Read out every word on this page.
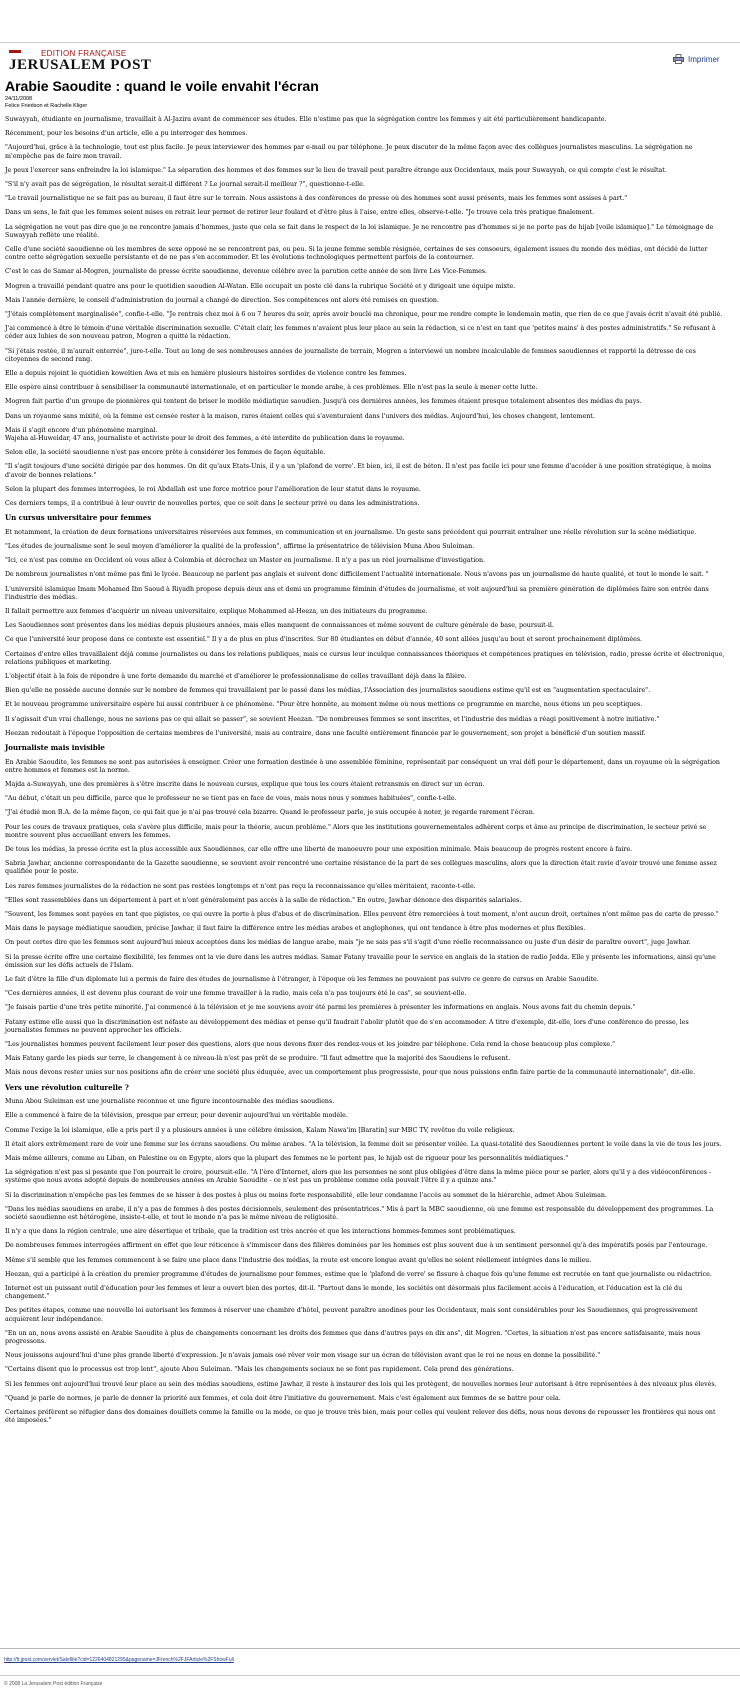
EDITION FRANÇAISE
JERUSALEM POST	Imprimer
Arabie Saoudite : quand le voile envahit l'écran
24/11/2008
Felice Friedson et Rachelle Kliger

Suwayyah, étudiante en journalisme, travaillait à Al-Jazira avant de commencer ses études. Elle n'estime pas que la ségrégation contre les femmes y ait été particulièrement handicapante.

Récemment, pour les besoins d'un article, elle a pu interroger des hommes.

"Aujourd'hui, grâce à la technologie, tout est plus facile. Je peux interviewer des hommes par e-mail ou par téléphone. Je peux discuter de la même façon avec des collègues journalistes masculins. La ségrégation ne m'empêche pas de faire mon travail.

Je peux l'exercer sans enfreindre la loi islamique." La séparation des hommes et des femmes sur le lieu de travail peut paraître étrange aux Occidentaux, mais pour Suwayyah, ce qui compte c'est le résultat.

"S'il n'y avait pas de ségrégation, le résultat serait-il différent ? Le journal serait-il meilleur ?", questionne-t-elle.

"Le travail journalistique ne se fait pas au bureau, il faut être sur le terrain. Nous assistons à des conférences de presse où des hommes sont aussi présents, mais les femmes sont assises à part."

Dans un sens, le fait que les femmes soient mises en retrait leur permet de retirer leur foulard et d'être plus à l'aise, entre elles, observe-t-elle. "Je trouve cela très pratique finalement.

La ségrégation ne veut pas dire que je ne rencontre jamais d'hommes, juste que cela se fait dans le respect de la loi islamique. Je ne rencontre pas d'hommes si je ne porte pas de hijab [voile islamique]." Le témoignage de Suwayyah reflète une réalité.

Celle d'une société saoudienne où les membres de sexe opposé ne se rencontrent pas, ou peu. Si la jeune femme semble résignée, certaines de ses consoeurs, également issues du monde des médias, ont décidé de lutter contre cette ségrégation sexuelle persistante et de ne pas s'en accommoder. Et les évolutions technologiques permettent parfois de la contourner.

C'est le cas de Samar al-Mogren, journaliste de presse écrite saoudienne, devenue célèbre avec la parution cette année de son livre Les Vice-Femmes.

Mogren a travaillé pendant quatre ans pour le quotidien saoudien Al-Watan. Elle occupait un poste clé dans la rubrique Société et y dirigeait une équipe mixte.

Mais l'année dernière, le conseil d'administration du journal a changé de direction. Ses compétences ont alors été remises en question.

"J'étais complètement marginalisée", confie-t-elle. "Je rentrais chez moi à 6 ou 7 heures du soir, après avoir bouclé ma chronique, pour me rendre compte le lendemain matin, que rien de ce que j'avais écrit n'avait été publié.

J'ai commencé à être le témoin d'une véritable discrimination sexuelle. C'était clair, les femmes n'avaient plus leur place au sein la rédaction, si ce n'est en tant que 'petites mains' à des postes administratifs." Se refusant à céder aux lubies de son nouveau patron, Mogren a quitté la rédaction.

"Si j'étais restée, il m'aurait enterrée", jure-t-elle. Tout au long de ses nombreuses années de journaliste de terrain, Mogren a interviewé un nombre incalculable de femmes saoudiennes et rapporté la détresse de ces citoyennes de second rang.

Elle a depuis rejoint le quotidien koweïtien Awa et mis en lumière plusieurs histoires sordides de violence contre les femmes.

Elle espère ainsi contribuer à sensibiliser la communauté internationale, et en particulier le monde arabe, à ces problèmes. Elle n'est pas la seule à mener cette lutte.

Mogren fait partie d'un groupe de pionnières qui tentent de briser le modèle médiatique saoudien. Jusqu'à ces dernières années, les femmes étaient presque totalement absentes des médias du pays.

Dans un royaume sans mixité, où la femme est censée rester à la maison, rares étaient celles qui s'aventuraient dans l'univers des médias. Aujourd'hui, les choses changent, lentement.

Mais il s'agit encore d'un phénomène marginal.
Wajeha al-Huweidar, 47 ans, journaliste et activiste pour le droit des femmes, a été interdite de publication dans le royaume.

Selon elle, la société saoudienne n'est pas encore prête à considérer les femmes de façon équitable.

"Il s'agit toujours d'une société dirigée par des hommes. On dit qu'aux Etats-Unis, il y a un 'plafond de verre'. Et bien, ici, il est de béton. Il n'est pas facile ici pour une femme d'accéder à une position stratégique, à moins d'avoir de bonnes relations."

Selon la plupart des femmes interrogées, le roi Abdallah est une force motrice pour l'amélioration de leur statut dans le royaume.

Ces derniers temps, il a contribué à leur ouvrir de nouvelles portes, que ce soit dans le secteur privé ou dans les administrations.

Un cursus universitaire pour femmes

Et notamment, la création de deux formations universitaires réservées aux femmes, en communication et en journalisme. Un geste sans précédent qui pourrait entraîner une réelle révolution sur la scène médiatique.

"Les études de journalisme sont le seul moyen d'améliorer la qualité de la profession", affirme la présentatrice de télévision Muna Abou Suleiman.

"Ici, ce n'est pas comme en Occident où vous allez à Colombia et décrochez un Master en journalisme. Il n'y a pas un réel journalisme d'investigation.

De nombreux journalistes n'ont même pas fini le lycée. Beaucoup ne parlent pas anglais et suivent donc difficilement l'actualité internationale. Nous n'avons pas un journalisme de haute qualité, et tout le monde le sait. "

L'université islamique Imam Mohamed Ibn Saoud à Riyadh propose depuis deux ans et demi un programme féminin d'études de journalisme, et voit aujourd'hui sa première génération de diplômées faire son entrée dans l'industrie des médias.

Il fallait permettre aux femmes d'acquérir un niveau universitaire, explique Mohammed al-Heeza, un des initiateurs du programme.

Les Saoudiennes sont présentes dans les médias depuis plusieurs années, mais elles manquent de connaissances et même souvent de culture générale de base, poursuit-il.

Ce que l'université leur propose dans ce contexte est essentiel." Il y a de plus en plus d'inscrites. Sur 80 étudiantes en début d'année, 40 sont allées jusqu'au bout et seront prochainement diplômées.

Certaines d'entre elles travaillaient déjà comme journalistes ou dans les relations publiques, mais ce cursus leur inculque connaissances théoriques et compétences pratiques en télévision, radio, presse écrite et électronique, relations publiques et marketing.

L'objectif était à la fois de répondre à une forte demande du marché et d'améliorer le professionnalisme de celles travaillant déjà dans la filière.

Bien qu'elle ne possède aucune donnée sur le nombre de femmes qui travaillaient par le passé dans les médias, l'Association des journalistes saoudiens estime qu'il est en "augmentation spectaculaire".

Et le nouveau programme universitaire espère lui aussi contribuer à ce phénomène. "Pour être honnête, au moment même où nous mettions ce programme en marche, nous étions un peu sceptiques.

Il s'agissait d'un vrai challenge, nous ne savions pas ce qui allait se passer", se souvient Heezan. "De nombreuses femmes se sont inscrites, et l'industrie des médias a réagi positivement à notre initiative."

Heezan redoutait à l'époque l'opposition de certains membres de l'université, mais au contraire, dans une faculté entièrement financée par le gouvernement, son projet a bénéficié d'un soutien massif.

Journaliste mais invisible

En Arabie Saoudite, les femmes ne sont pas autorisées à enseigner. Créer une formation destinée à une assemblée féminine, représentait par conséquent un vrai défi pour le département, dans un royaume où la ségrégation entre hommes et femmes est la norme.

Majda a-Suwayyah, une des premières à s'être inscrite dans le nouveau cursus, explique que tous les cours étaient retransmis en direct sur un écran.

"Au début, c'était un peu difficile, parce que le professeur ne se tient pas en face de vous, mais nous nous y sommes habituées", confie-t-elle.

"J'ai étudié mon B.A. de la même façon, ce qui fait que je n'ai pas trouvé cela bizarre. Quand le professeur parle, je suis occupée à noter, je regarde rarement l'écran.

Pour les cours de travaux pratiques, cela s'avère plus difficile, mais pour la théorie, aucun problème." Alors que les institutions gouvernementales adhèrent corps et âme au principe de discrimination, le secteur privé se montre souvent plus accueillant envers les femmes.

De tous les médias, la presse écrite est la plus accessible aux Saoudiennes, car elle offre une liberté de manoeuvre pour une exposition minimale. Mais beaucoup de progrès restent encore à faire.

Sabria Jawhar, ancienne correspondante de la Gazette saoudienne, se souvient avoir rencontré une certaine résistance de la part de ses collègues masculins, alors que la direction était ravie d'avoir trouvé une femme assez qualifiée pour le poste.

Les rares femmes journalistes de la rédaction ne sont pas restées longtemps et n'ont pas reçu la reconnaissance qu'elles méritaient, raconte-t-elle.

"Elles sont rassemblées dans un département à part et n'ont généralement pas accès à la salle de rédaction." En outre, Jawhar dénonce des disparités salariales.

"Souvent, les femmes sont payées en tant que pigistes, ce qui ouvre la porte à plus d'abus et de discrimination. Elles peuvent être remerciées à tout moment, n'ont aucun droit, certaines n'ont même pas de carte de presse."

Mais dans le paysage médiatique saoudien, précise Jawhar, il faut faire la différence entre les médias arabes et anglophones, qui ont tendance à être plus modernes et plus flexibles.

On peut certes dire que les femmes sont aujourd'hui mieux acceptées dans les médias de langue arabe, mais "je ne sais pas s'il s'agit d'une réelle reconnaissance ou juste d'un désir de paraître ouvert", juge Jawhar.

Si la presse écrite offre une certaine flexibilité, les femmes ont la vie dure dans les autres médias. Samar Fatany travaille pour le service en anglais de la station de radio Jedda. Elle y présente les informations, ainsi qu'une émission sur les défis actuels de l'Islam.

Le fait d'être la fille d'un diplomate lui a permis de faire des études de journalisme à l'étranger, à l'époque où les femmes ne pouvaient pas suivre ce genre de cursus en Arabie Saoudite.

"Ces dernières années, il est devenu plus courant de voir une femme travailler à la radio, mais cela n'a pas toujours été le cas", se souvient-elle.

"Je faisais partie d'une très petite minorité. J'ai commencé à la télévision et je me souviens avoir été parmi les premières à présenter les informations en anglais. Nous avons fait du chemin depuis."

Fatany estime elle aussi que la discrimination est néfaste au développement des médias et pense qu'il faudrait l'abolir plutôt que de s'en accommoder. A titre d'exemple, dit-elle, lors d'une conférence de presse, les journalistes femmes ne peuvent approcher les officiels.

"Les journalistes hommes peuvent facilement leur poser des questions, alors que nous devons fixer des rendez-vous et les joindre par téléphone. Cela rend la chose beaucoup plus complexe."

Mais Fatany garde les pieds sur terre, le changement à ce niveau-là n'est pas prêt de se produire. "Il faut admettre que la majorité des Saoudiens le refusent.

Mais nous devons rester unies sur nos positions afin de créer une société plus éduquée, avec un comportement plus progressiste, pour que nous puissions enfin faire partie de la communauté internationale", dit-elle.

Vers une révolution culturelle ?

Muna Abou Suleiman est une journaliste reconnue et une figure incontournable des médias saoudiens.

Elle a commencé à faire de la télévision, presque par erreur, pour devenir aujourd'hui un véritable modèle.

Comme l'exige la loi islamique, elle a pris part il y a plusieurs années à une célèbre émission, Kalam Nawa'im [Baratin] sur MBC TV, revêtue du voile religieux.

Il était alors extrêmement rare de voir une femme sur les écrans saoudiens. Ou même arabes. "A la télévision, la femme doit se présenter voilée. La quasi-totalité des Saoudiennes portent le voile dans la vie de tous les jours.

Mais même ailleurs, comme au Liban, en Palestine ou en Egypte, alors que la plupart des femmes ne le portent pas, le hijab est de rigueur pour les personnalités médiatiques."

La ségrégation n'est pas si pesante que l'on pourrait le croire, poursuit-elle. "A l'ère d'Internet, alors que les personnes ne sont plus obligées d'être dans la même pièce pour se parler, alors qu'il y a des vidéoconférences - système que nous avons adopté depuis de nombreuses années en Arabie Saoudite - ce n'est pas un problème comme cela pouvait l'être il y a quinze ans."

Si la discrimination n'empêche pas les femmes de se hisser à des postes à plus ou moins forte responsabilité, elle leur condamne l'accès au sommet de la hiérarchie, admet Abou Suleiman.

"Dans les médias saoudiens en arabe, il n'y a pas de femmes à des postes décisionnels, seulement des présentatrices." Mis à part la MBC saoudienne, où une femme est responsable du développement des programmes. La société saoudienne est hétérogène, insiste-t-elle, et tout le monde n'a pas le même niveau de religiosité.

Il n'y a que dans la région centrale, une aire désertique et tribale, que la tradition est très ancrée et que les interactions hommes-femmes sont problématiques.

De nombreuses femmes interrogées affirment en effet que leur réticence à s'immiscer dans des filières dominées par les hommes est plus souvent due à un sentiment personnel qu'à des impératifs posés par l'entourage.

Même s'il semble que les femmes commencent à se faire une place dans l'industrie des médias, la route est encore longue avant qu'elles ne soient réellement intégrées dans le milieu.

Heezan, qui a participé à la création du premier programme d'études de journalisme pour femmes, estime que le 'plafond de verre' se fissure à chaque fois qu'une femme est recrutée en tant que journaliste ou rédactrice.

Internet est un puissant outil d'éducation pour les femmes et leur a ouvert bien des portes, dit-il. "Partout dans le monde, les sociétés ont désormais plus facilement accès à l'éducation, et l'éducation est la clé du changement."

Des petites étapes, comme une nouvelle loi autorisant les femmes à réserver une chambre d'hôtel, peuvent paraître anodines pour les Occidentaux, mais sont considérables pour les Saoudiennes, qui progressivement acquièrent leur indépendance.

"En un an, nous avons assisté en Arabie Saoudite à plus de changements concernant les droits des femmes que dans d'autres pays en dix ans", dit Mogren. "Certes, la situation n'est pas encore satisfaisante, mais nous progressons.

Nous jouissons aujourd'hui d'une plus grande liberté d'expression. Je n'avais jamais osé rêver voir mon visage sur un écran de télévision avant que le roi ne nous en donne la possibilité."

"Certains disent que le processus est trop lent", ajoute Abou Suleiman. "Mais les changements sociaux ne se font pas rapidement. Cela prend des générations.

Si les femmes ont aujourd'hui trouvé leur place au sein des médias saoudiens, estime Jawhar, il reste à instaurer des lois qui les protègent, de nouvelles normes leur autorisant à être représentées à des niveaux plus élevés.

"Quand je parle de normes, je parle de donner la priorité aux femmes, et cela doit être l'initiative du gouvernement. Mais c'est également aux femmes de se battre pour cela.

Certaines préfèrent se réfugier dans des domaines douillets comme la famille ou la mode, ce que je trouve très bien, mais pour celles qui veulent relever des défis, nous nous devons de repousser les frontières qui nous ont été imposées."

http://fr.jpost.com/servlet/Satellite?cid=1226404821295&pagename=JFrench%2FJFArticle%2FShowFull
© 2008 La Jerusalem Post édition Française
